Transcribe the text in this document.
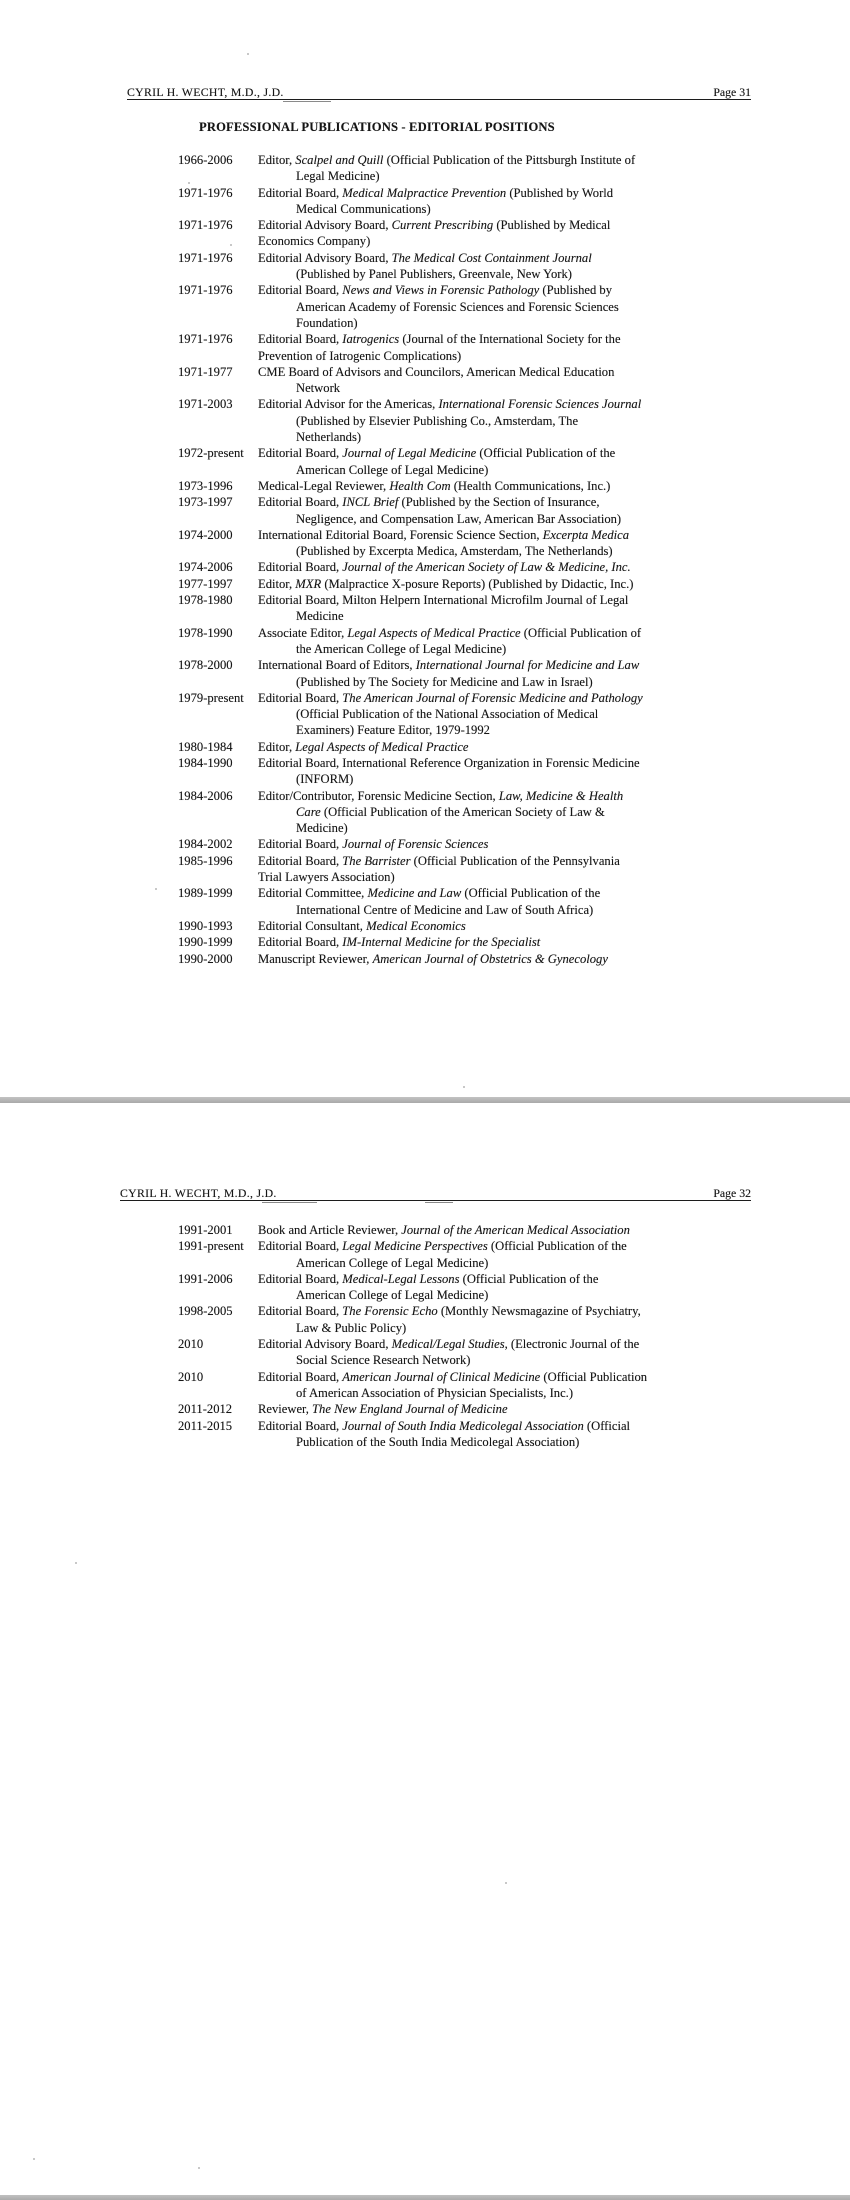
CYRIL H. WECHT, M.D., J.D.	Page 31
PROFESSIONAL PUBLICATIONS - EDITORIAL POSITIONS
1966-2006 Editor, Scalpel and Quill (Official Publication of the Pittsburgh Institute of
Legal Medicine)
1971-1976 Editorial Board, Medical Malpractice Prevention (Published by World
Medical Communications)
1971-1976 Editorial Advisory Board, Current Prescribing (Published by Medical
Economics Company)
1971-1976 Editorial Advisory Board, The Medical Cost Containment Journal
(Published by Panel Publishers, Greenvale, New York)
1971-1976 Editorial Board, News and Views in Forensic Pathology (Published by
American Academy of Forensic Sciences and Forensic Sciences
Foundation)
1971-1976 Editorial Board, Iatrogenics (Journal of the International Society for the
Prevention of Iatrogenic Complications)
1971-1977 CME Board of Advisors and Councilors, American Medical Education
Network
1971-2003 Editorial Advisor for the Americas, International Forensic Sciences Journal
(Published by Elsevier Publishing Co., Amsterdam, The
Netherlands)
1972-present Editorial Board, Journal of Legal Medicine (Official Publication of the
American College of Legal Medicine)
1973-1996 Medical-Legal Reviewer, Health Com (Health Communications, Inc.)
1973-1997 Editorial Board, INCL Brief (Published by the Section of Insurance,
Negligence, and Compensation Law, American Bar Association)
1974-2000 International Editorial Board, Forensic Science Section, Excerpta Medica
(Published by Excerpta Medica, Amsterdam, The Netherlands)
1974-2006 Editorial Board, Journal of the American Society of Law & Medicine, Inc.
1977-1997 Editor, MXR (Malpractice X-posure Reports) (Published by Didactic, Inc.)
1978-1980 Editorial Board, Milton Helpern International Microfilm Journal of Legal
Medicine
1978-1990 Associate Editor, Legal Aspects of Medical Practice (Official Publication of
the American College of Legal Medicine)
1978-2000 International Board of Editors, International Journal for Medicine and Law
(Published by The Society for Medicine and Law in Israel)
1979-present Editorial Board, The American Journal of Forensic Medicine and Pathology
(Official Publication of the National Association of Medical
Examiners) Feature Editor, 1979-1992
1980-1984 Editor, Legal Aspects of Medical Practice
1984-1990 Editorial Board, International Reference Organization in Forensic Medicine
(INFORM)
1984-2006 Editor/Contributor, Forensic Medicine Section, Law, Medicine & Health
Care (Official Publication of the American Society of Law &
Medicine)
1984-2002 Editorial Board, Journal of Forensic Sciences
1985-1996 Editorial Board, The Barrister (Official Publication of the Pennsylvania
Trial Lawyers Association)
1989-1999 Editorial Committee, Medicine and Law (Official Publication of the
International Centre of Medicine and Law of South Africa)
1990-1993 Editorial Consultant, Medical Economics
1990-1999 Editorial Board, IM-Internal Medicine for the Specialist
1990-2000 Manuscript Reviewer, American Journal of Obstetrics & Gynecology
CYRIL H. WECHT, M.D., J.D.	Page 32
1991-2001 Book and Article Reviewer, Journal of the American Medical Association
1991-present Editorial Board, Legal Medicine Perspectives (Official Publication of the
American College of Legal Medicine)
1991-2006 Editorial Board, Medical-Legal Lessons (Official Publication of the
American College of Legal Medicine)
1998-2005 Editorial Board, The Forensic Echo (Monthly Newsmagazine of Psychiatry,
Law & Public Policy)
2010	Editorial Advisory Board, Medical/Legal Studies, (Electronic Journal of the
Social Science Research Network)
2010	Editorial Board, American Journal of Clinical Medicine (Official Publication
of American Association of Physician Specialists, Inc.)
2011-2012 Reviewer, The New England Journal of Medicine
2011-2015 Editorial Board, Journal of South India Medicolegal Association (Official
Publication of the South India Medicolegal Association)
